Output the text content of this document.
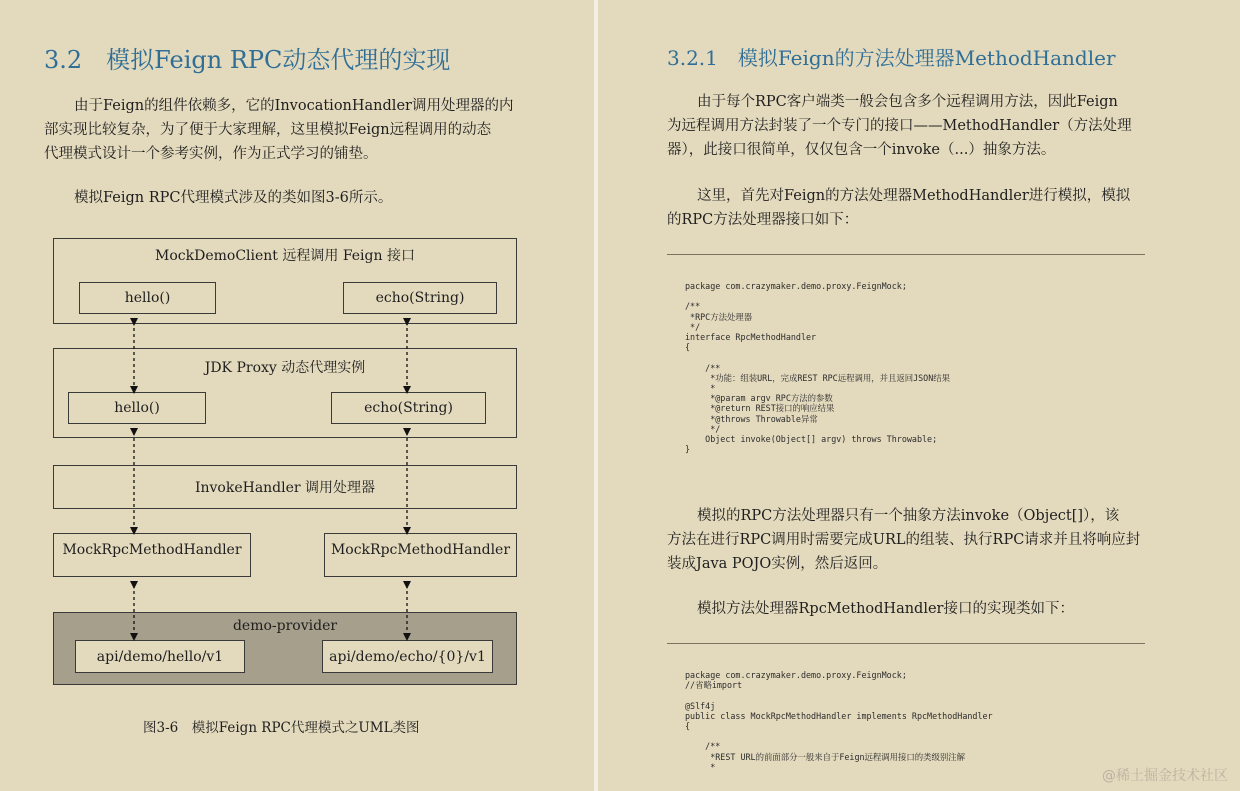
3.2　模拟Feign RPC动态代理的实现
由于Feign的组件依赖多，它的InvocationHandler调用处理器的内
部实现比较复杂，为了便于大家理解，这里模拟Feign远程调用的动态
代理模式设计一个参考实例，作为正式学习的铺垫。
模拟Feign RPC代理模式涉及的类如图3-6所示。
MockDemoClient 远程调用 Feign 接口
hello()	echo(String)
JDK Proxy 动态代理实例
hello()	echo(String)
InvokeHandler 调用处理器
MockRpcMethodHandler	MockRpcMethodHandler
demo-provider
api/demo/hello/v1	api/demo/echo/{0}/v1
图3-6　模拟Feign RPC代理模式之UML类图
3.2.1　模拟Feign的方法处理器MethodHandler
由于每个RPC客户端类一般会包含多个远程调用方法，因此Feign
为远程调用方法封装了一个专门的接口——MethodHandler（方法处理
器），此接口很简单，仅仅包含一个invoke（...）抽象方法。
这里，首先对Feign的方法处理器MethodHandler进行模拟，模拟
的RPC方法处理器接口如下：
package com.crazymaker.demo.proxy.FeignMock;

/**
*RPC方法处理器
*/
interface RpcMethodHandler
{

/**
*功能：组装URL，完成REST RPC远程调用，并且返回JSON结果
*
*@param argv RPC方法的参数
*@return REST接口的响应结果
*@throws Throwable异常
*/
Object invoke(Object[] argv) throws Throwable;
}
模拟的RPC方法处理器只有一个抽象方法invoke（Object[]），该
方法在进行RPC调用时需要完成URL的组装、执行RPC请求并且将响应封
装成Java POJO实例，然后返回。
模拟方法处理器RpcMethodHandler接口的实现类如下：
package com.crazymaker.demo.proxy.FeignMock;
//省略import

@Slf4j
public class MockRpcMethodHandler implements RpcMethodHandler
{

/**
*REST URL的前面部分一般来自于Feign远程调用接口的类级别注解
*
@稀土掘金技术社区
